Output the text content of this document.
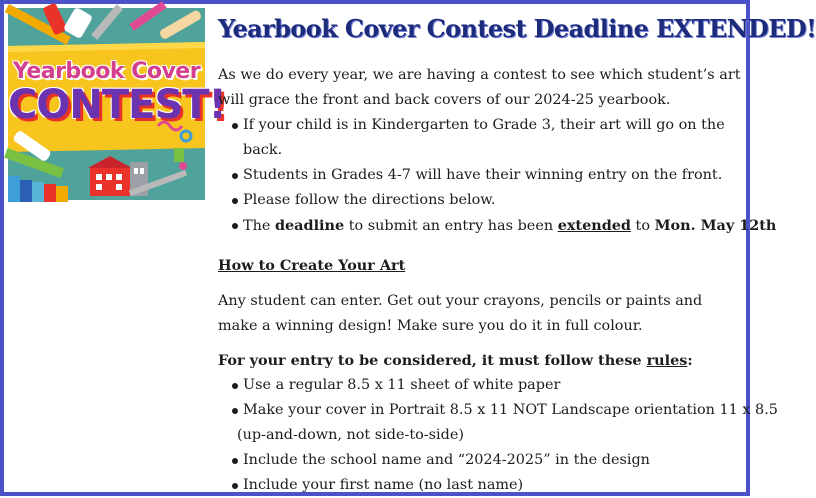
Yearbook Cover
CONTEST!
Yearbook Cover Contest Deadline EXTENDED!

As we do every year, we are having a contest to see which student’s art will grace the front and back covers of our 2024-25 yearbook.

If your child is in Kindergarten to Grade 3, their art will go on the back.
Students in Grades 4-7 will have their winning entry on the front.
Please follow the directions below.
The deadline to submit an entry has been extended to Mon. May 12th
How to Create Your Art

Any student can enter. Get out your crayons, pencils or paints and make a winning design! Make sure you do it in full colour.

For your entry to be considered, it must follow these rules:
Use a regular 8.5 x 11 sheet of white paper
Make your cover in Portrait 8.5 x 11 NOT Landscape orientation 11 x 8.5
(up-and-down, not side-to-side)
Include the school name and “2024-2025” in the design
Include your first name (no last name)
